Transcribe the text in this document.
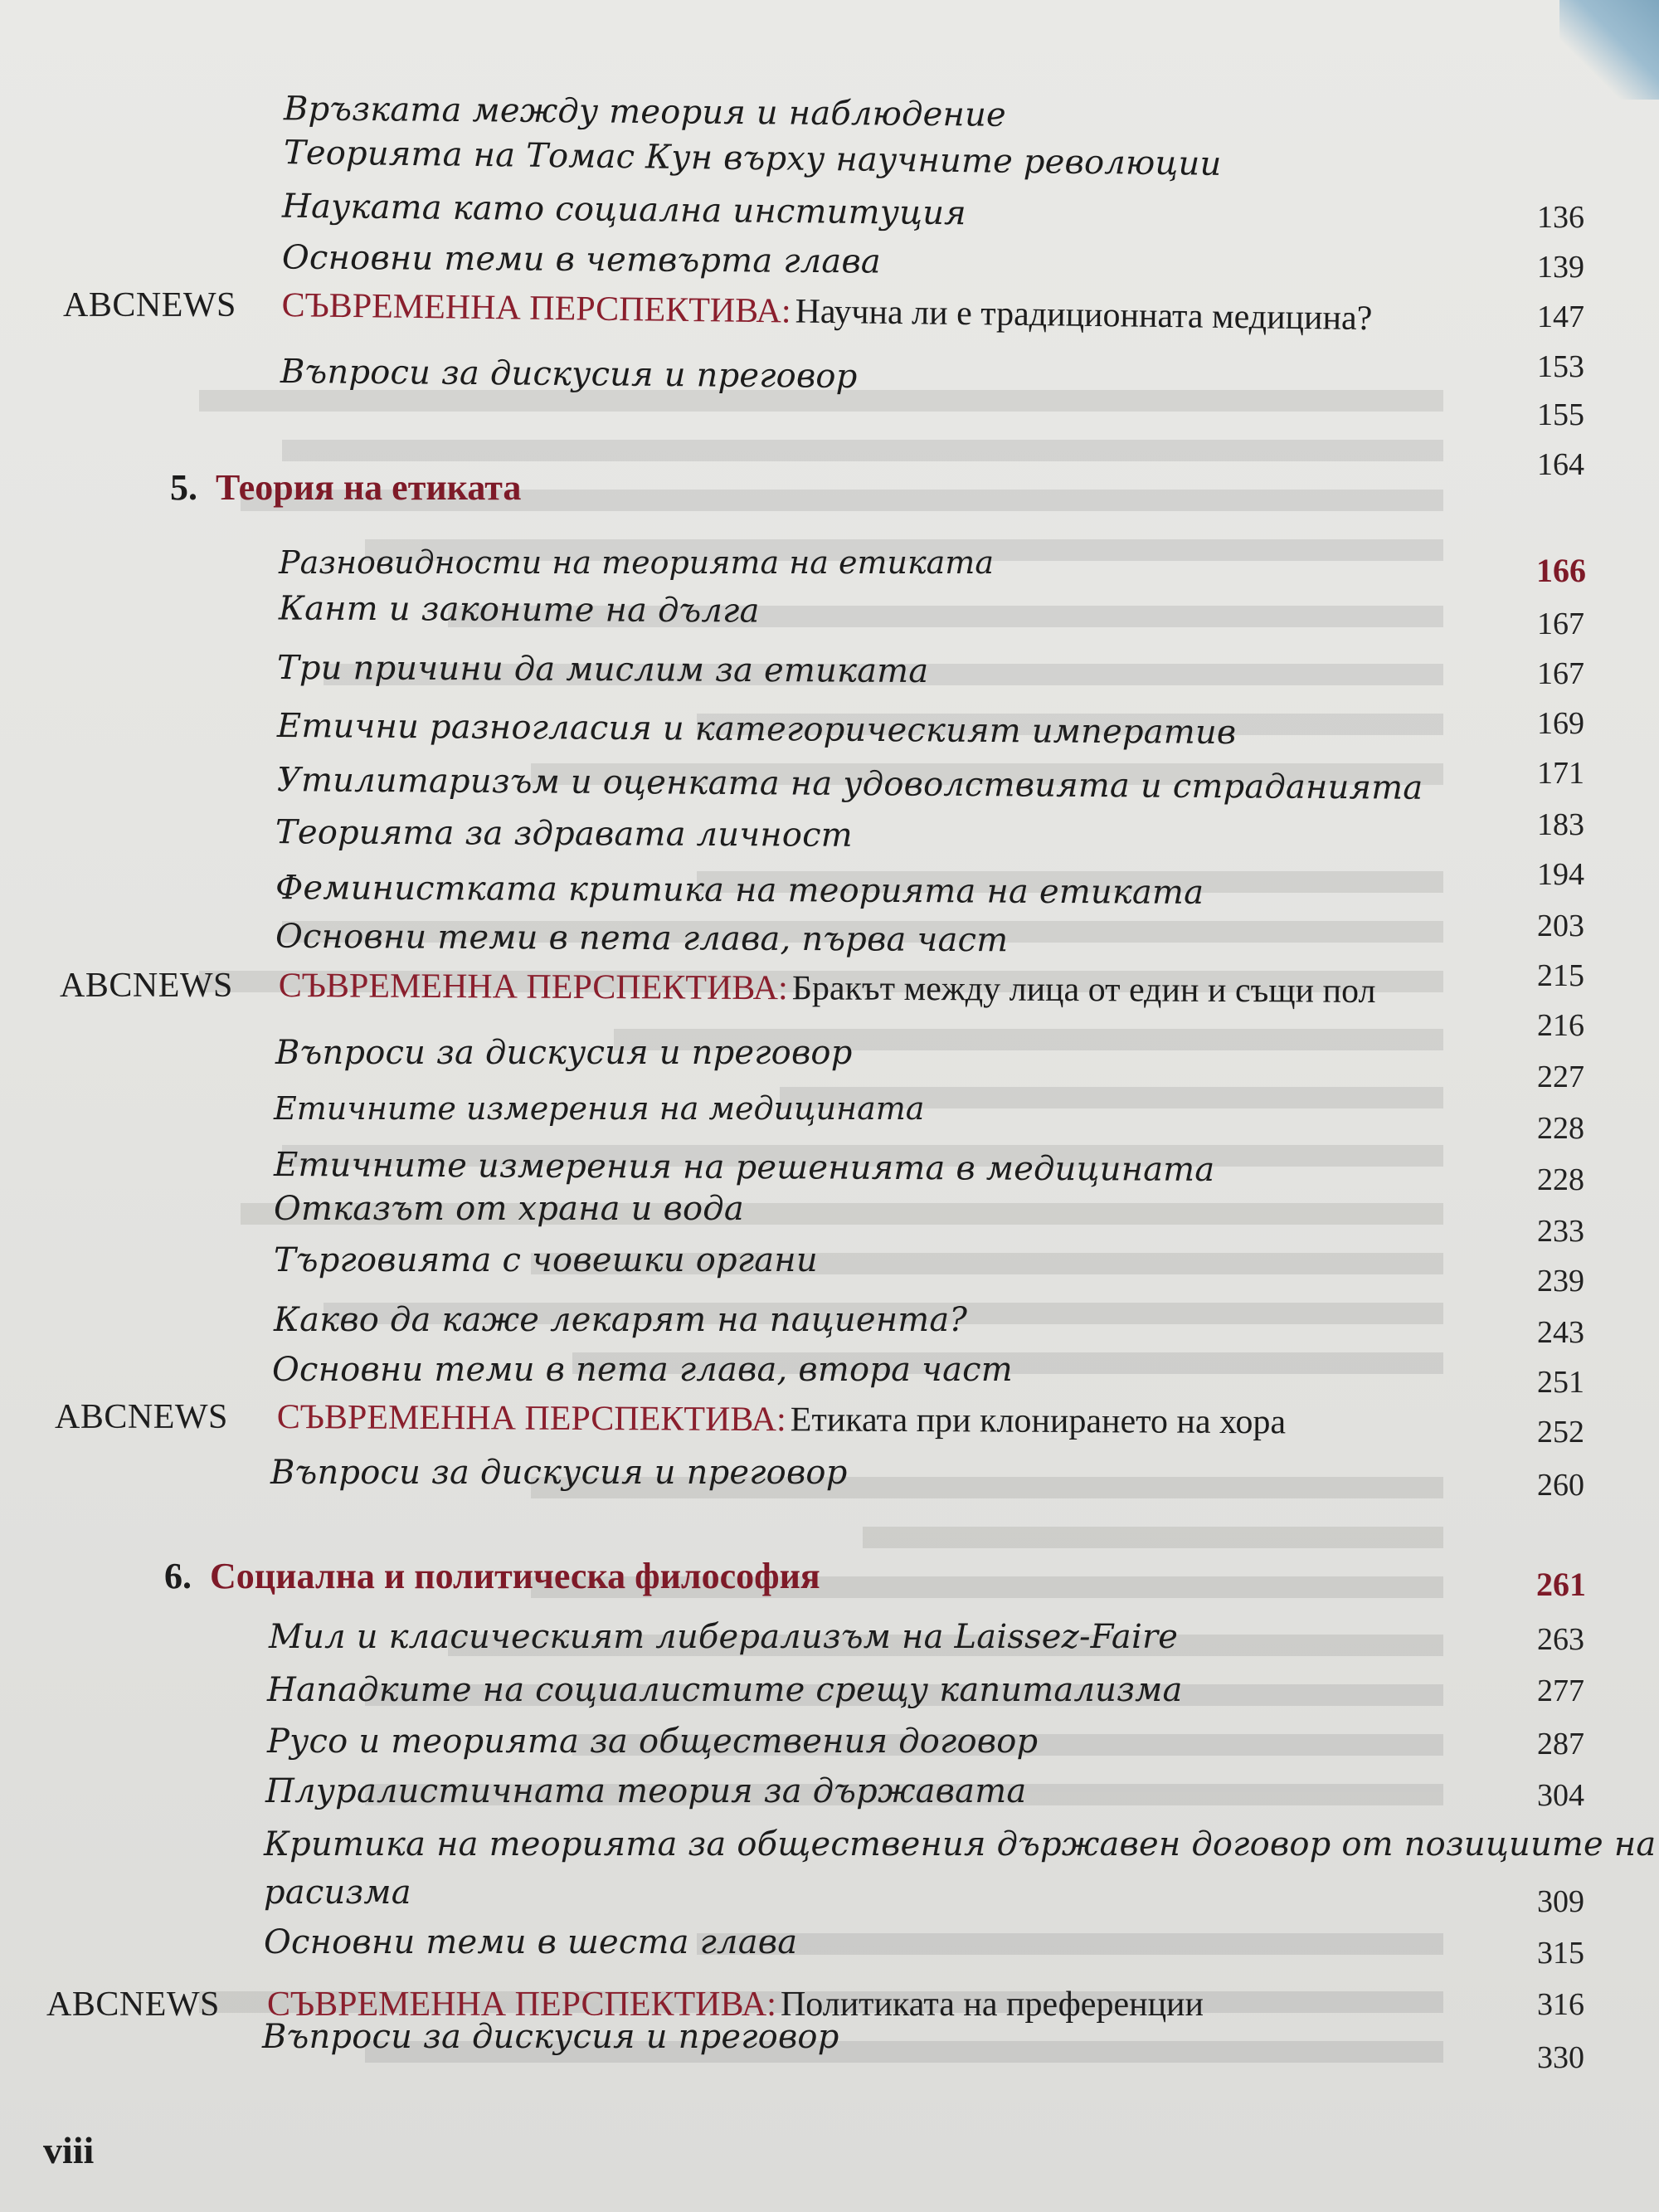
Връзката между теория и наблюдение
Теорията на Томас Кун върху научните революции
Науката като социална институция
Основни теми в четвърта глава
ABCNEWS СЪВРЕМЕННА ПЕРСПЕКТИВА: Научна ли е традиционната медицина?
Въпроси за дискусия и преговор
5. Теория на етиката
Разновидности на теорията на етиката
Кант и законите на дълга
Три причини да мислим за етиката
Етични разногласия и категорическият императив
Утилитаризъм и оценката на удоволствията и страданията
Теорията за здравата личност
Феминистката критика на теорията на етиката
Основни теми в пета глава, първа част
ABCNEWS СЪВРЕМЕННА ПЕРСПЕКТИВА: Бракът между лица от един и същи пол
Въпроси за дискусия и преговор
Етичните измерения на медицината
Етичните измерения на решенията в медицината
Отказът от храна и вода
Търговията с човешки органи
Какво да каже лекарят на пациента?
Основни теми в пета глава, втора част
ABCNEWS СЪВРЕМЕННА ПЕРСПЕКТИВА: Етиката при клонирането на хора
Въпроси за дискусия и преговор
6. Социална и политическа философия
Мил и класическият либерализъм на Laissez-Faire
Нападките на социалистите срещу капитализма
Русо и теорията за обществения договор
Плуралистичната теория за държавата
Критика на теорията за обществения държавен договор от позициите на
расизма
Основни теми в шеста глава
ABCNEWS СЪВРЕМЕННА ПЕРСПЕКТИВА: Политиката на преференции
Въпроси за дискусия и преговор
136
139
147
153
155
164
166
167
167
169
171
183
194
203
215
216
227
228
228
233
239
243
251
252
260
261
263
277
287
304
309
315
316
330
viii
